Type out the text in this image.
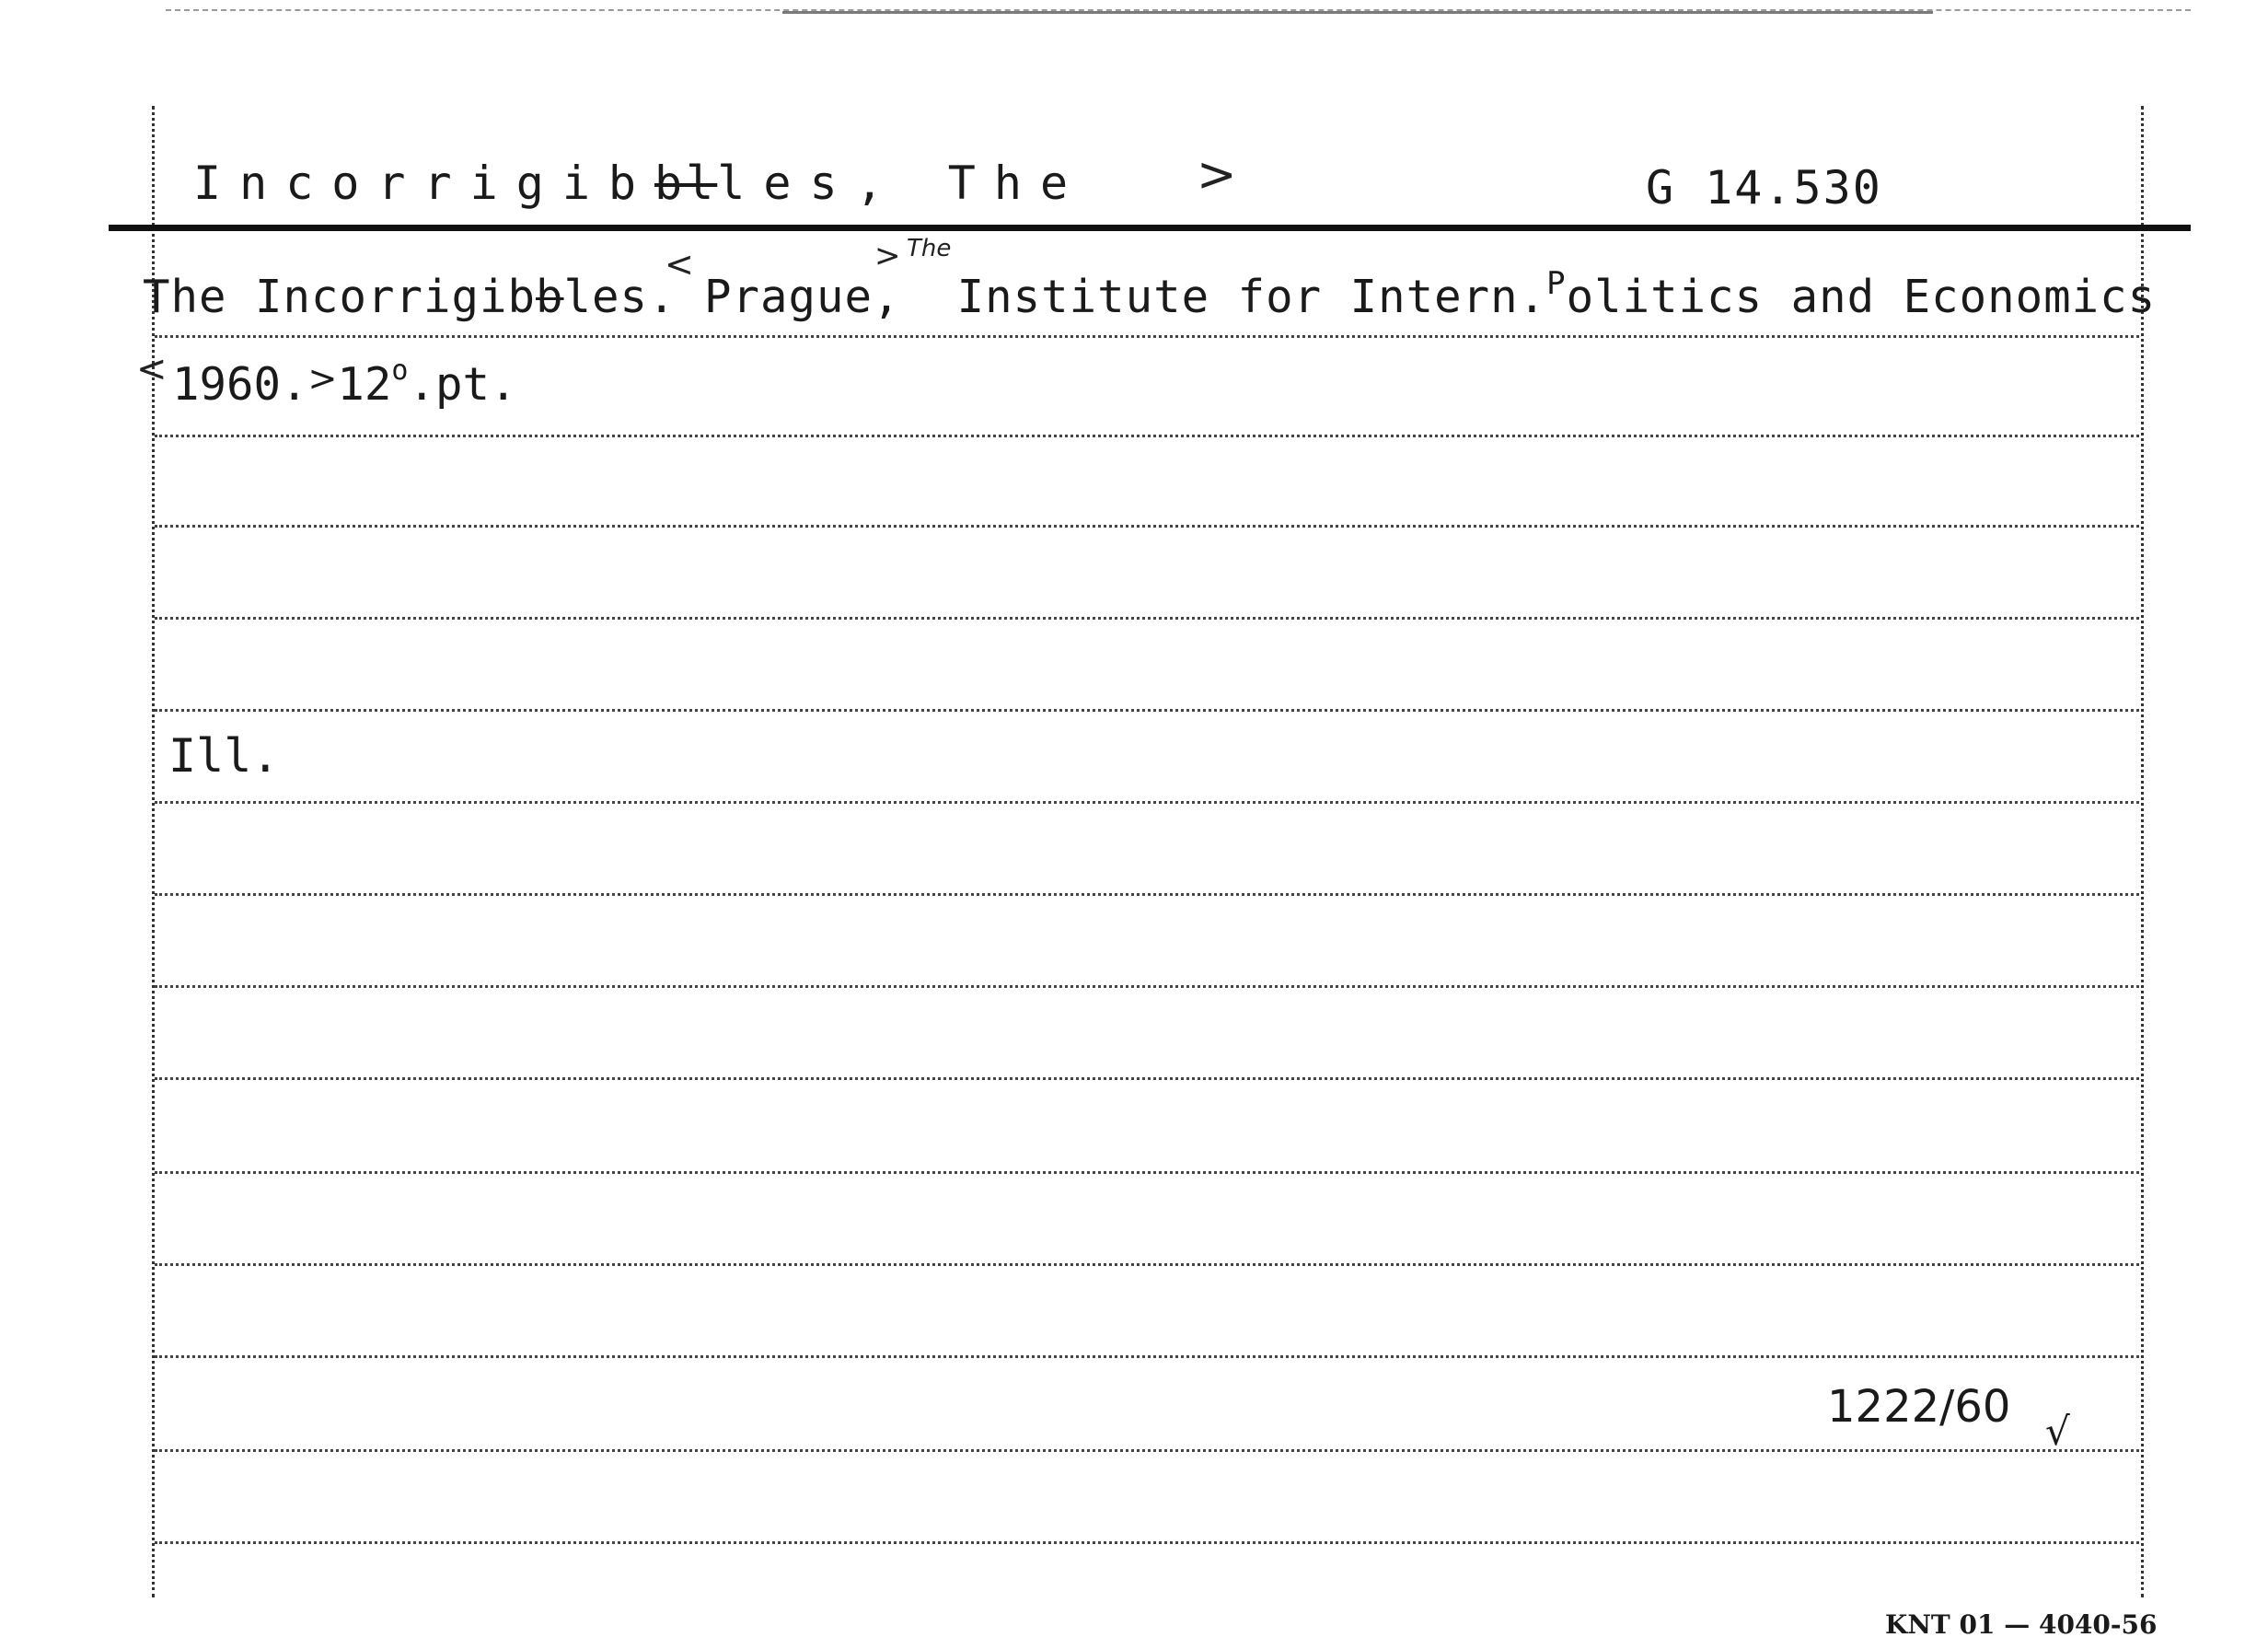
Incorrigibblles, The >	G 14.530
The Incorrigibbles. Prague, Institute for Intern.$^P$olitics and Economics
<	> The
< $1960.^>12^o.pt$.
Ill.
1222/60 √
KNT 01 — 4040-56
